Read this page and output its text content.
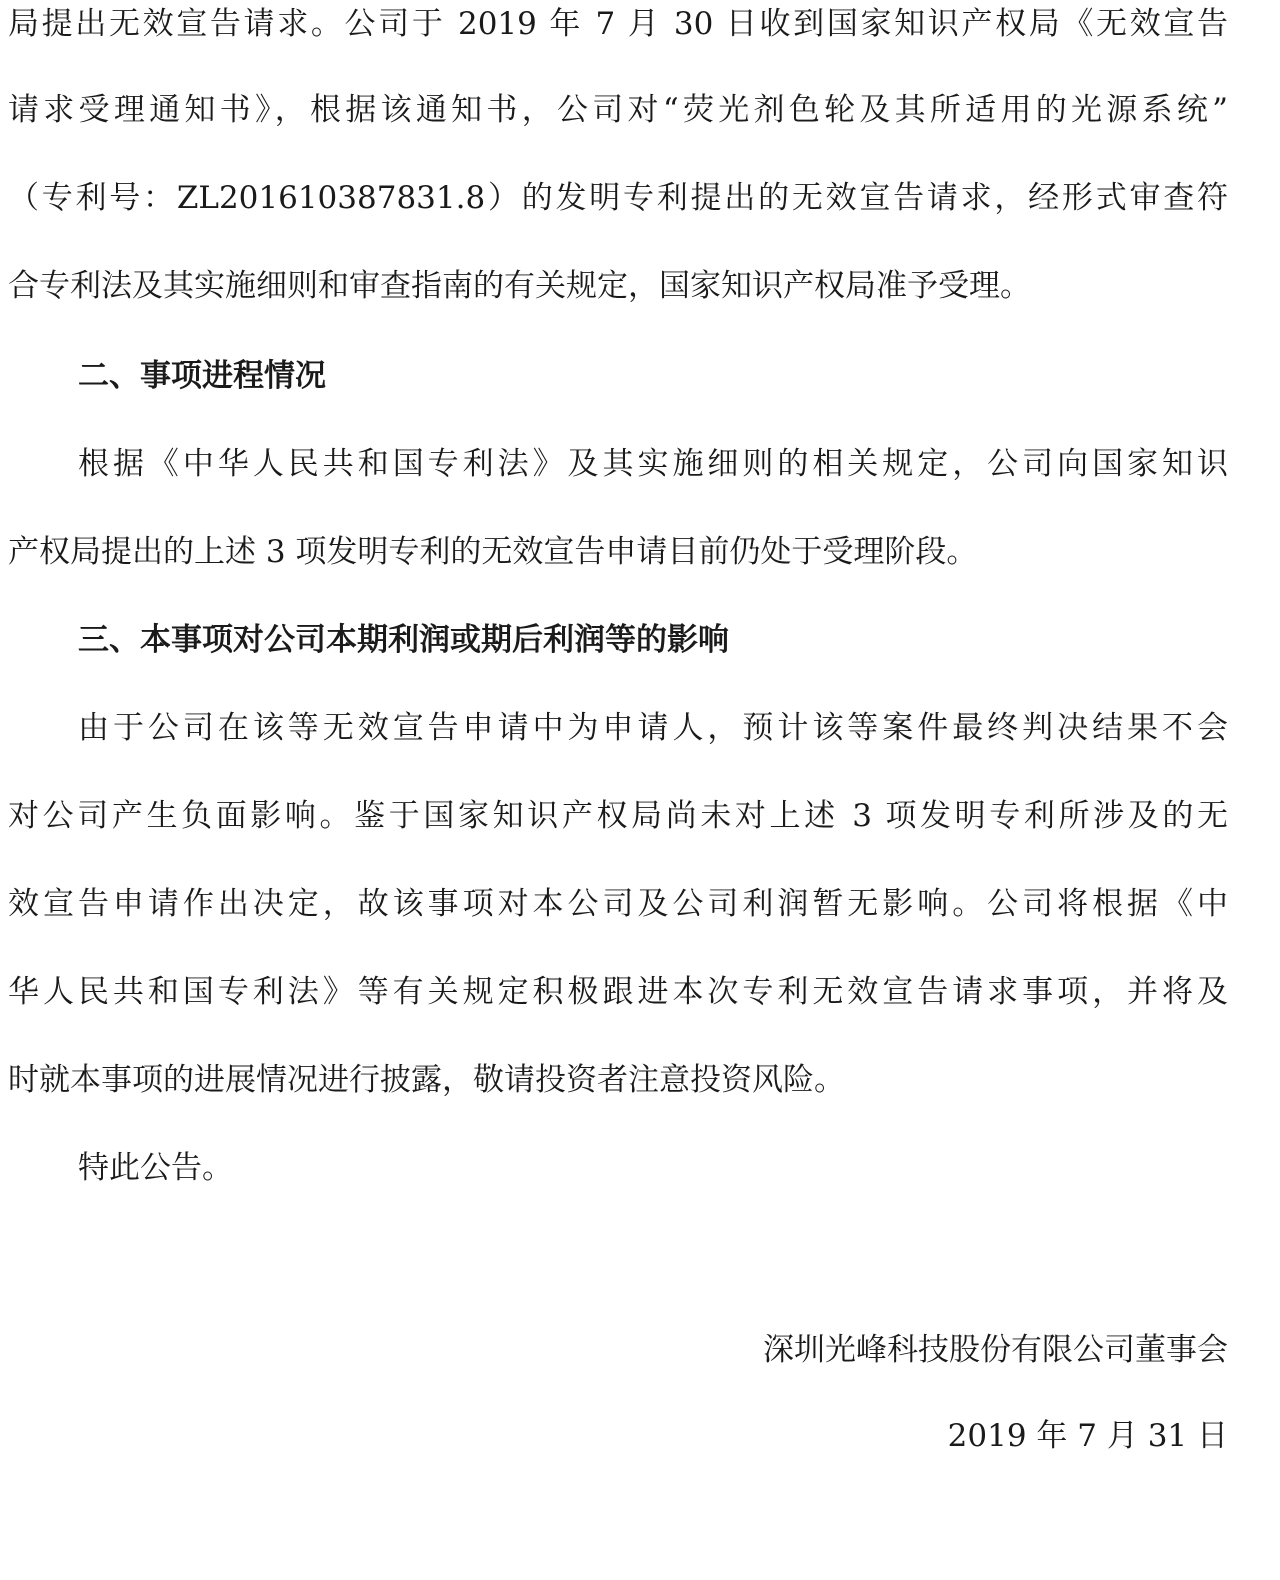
局提出无效宣告请求。公司于 2019 年 7 月 30 日收到国家知识产权局《无效宣告
请求受理通知书》，根据该通知书，公司对“荧光剂色轮及其所适用的光源系统”
（专利号：ZL201610387831.8）的发明专利提出的无效宣告请求，经形式审查符
合专利法及其实施细则和审查指南的有关规定，国家知识产权局准予受理。
二、事项进程情况
根据《中华人民共和国专利法》及其实施细则的相关规定，公司向国家知识
产权局提出的上述 3 项发明专利的无效宣告申请目前仍处于受理阶段。
三、本事项对公司本期利润或期后利润等的影响
由于公司在该等无效宣告申请中为申请人，预计该等案件最终判决结果不会
对公司产生负面影响。鉴于国家知识产权局尚未对上述 3 项发明专利所涉及的无
效宣告申请作出决定，故该事项对本公司及公司利润暂无影响。公司将根据《中
华人民共和国专利法》等有关规定积极跟进本次专利无效宣告请求事项，并将及
时就本事项的进展情况进行披露，敬请投资者注意投资风险。
特此公告。
深圳光峰科技股份有限公司董事会
2019 年 7 月 31 日
